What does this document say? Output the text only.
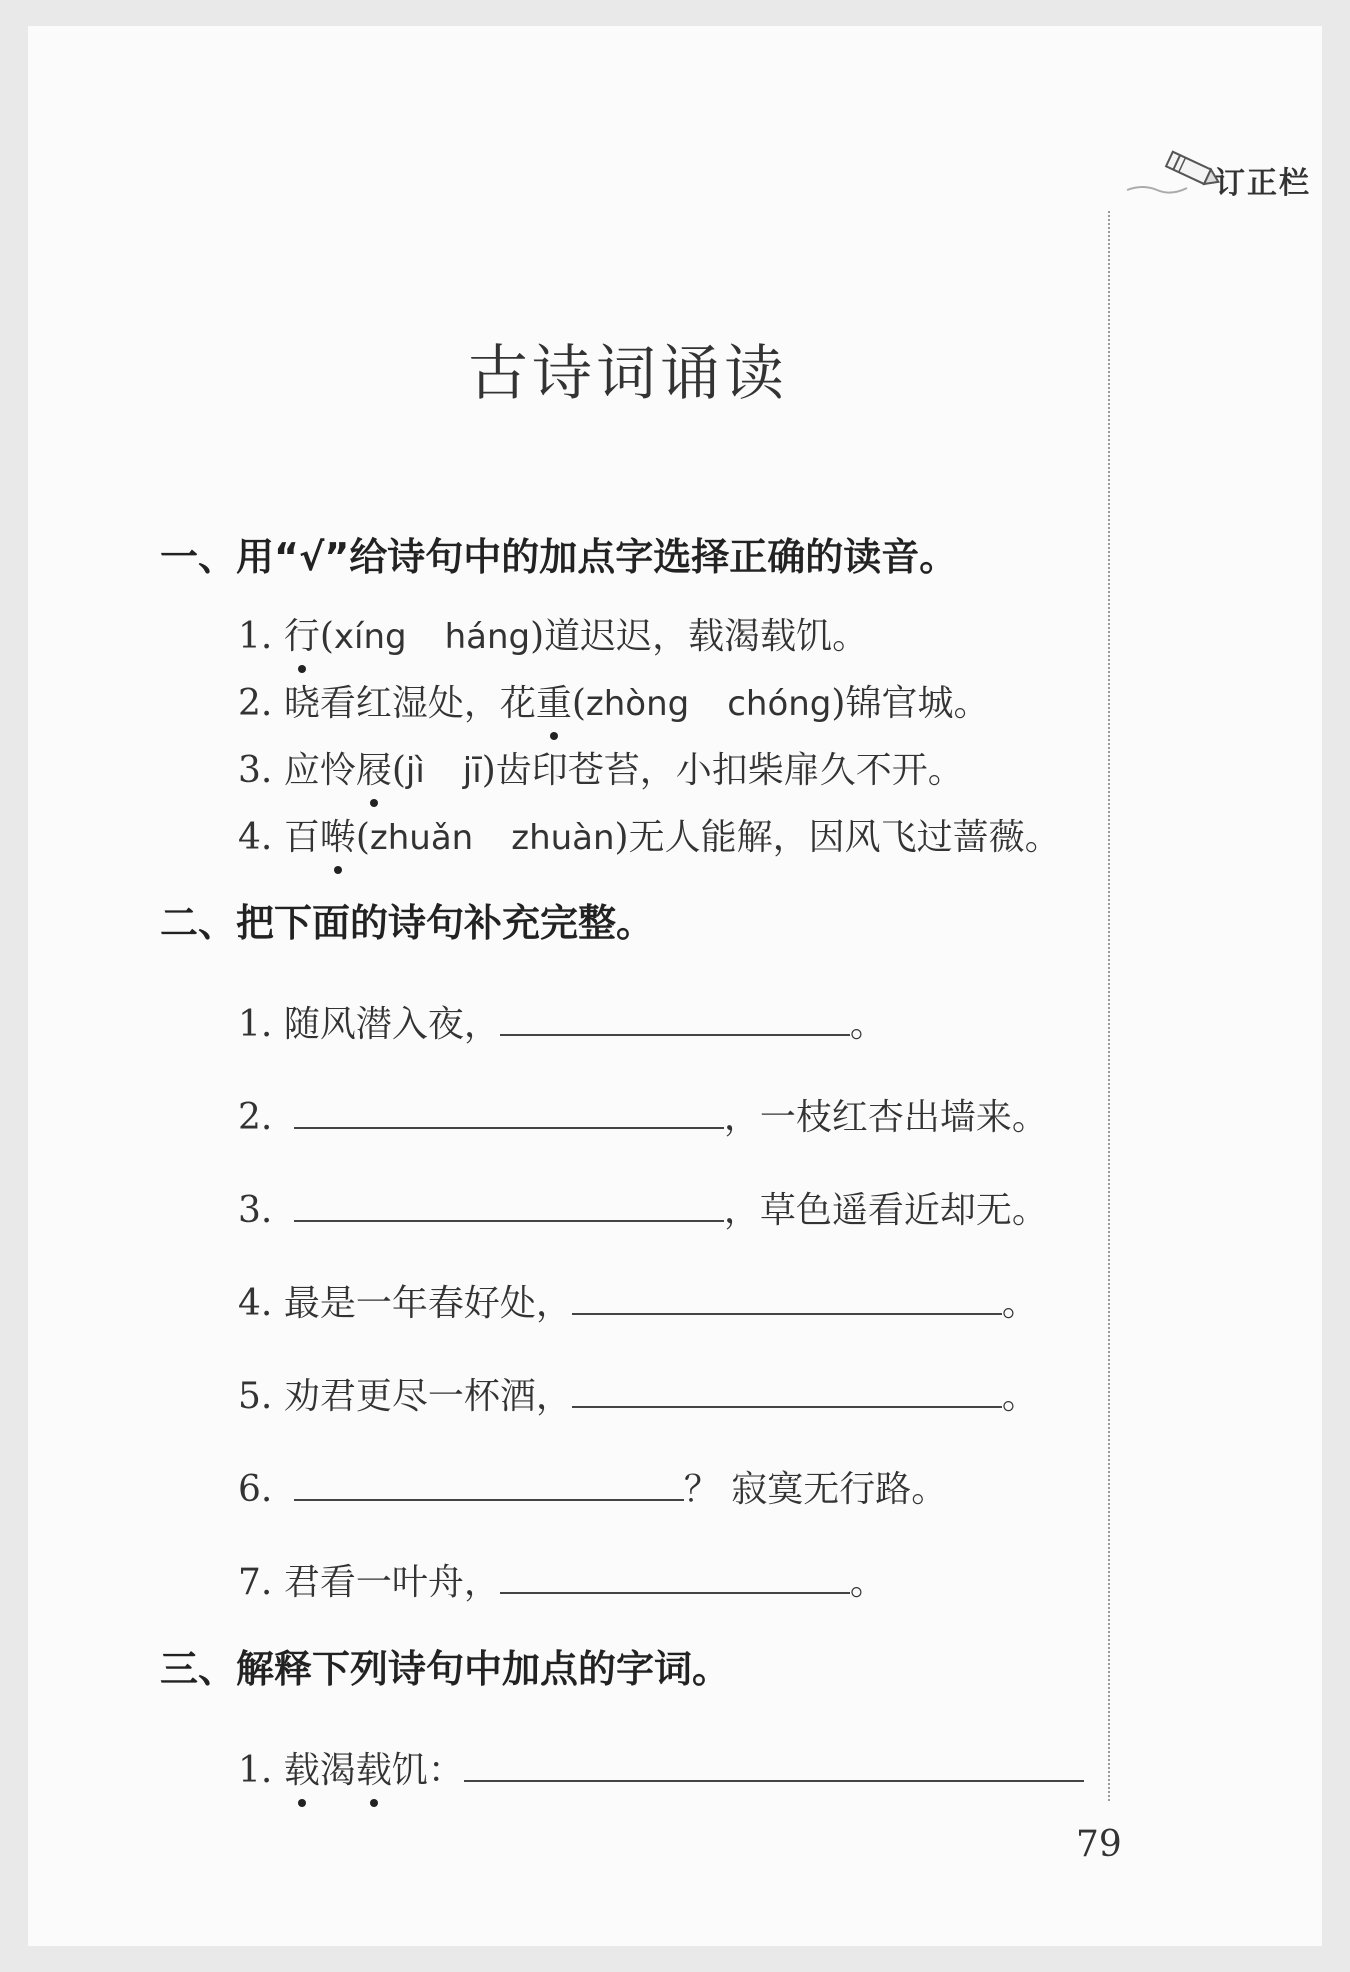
订正栏
古诗词诵读
一、用“√”给诗句中的加点字选择正确的读音。
1. 行(xíng háng)道迟迟，载渴载饥。
2. 晓看红湿处，花重(zhòng chóng)锦官城。
3. 应怜屐(jì jī)齿印苍苔，小扣柴扉久不开。
4. 百啭(zhuǎn zhuàn)无人能解，因风飞过蔷薇。
二、把下面的诗句补充完整。
1. 随风潜入夜，	。
2.	，一枝红杏出墙来。
3.	，草色遥看近却无。
4. 最是一年春好处，	。
5. 劝君更尽一杯酒，	。
6.	？ 寂寞无行路。
7. 君看一叶舟，	。
三、解释下列诗句中加点的字词。
1. 载渴载饥：
79
